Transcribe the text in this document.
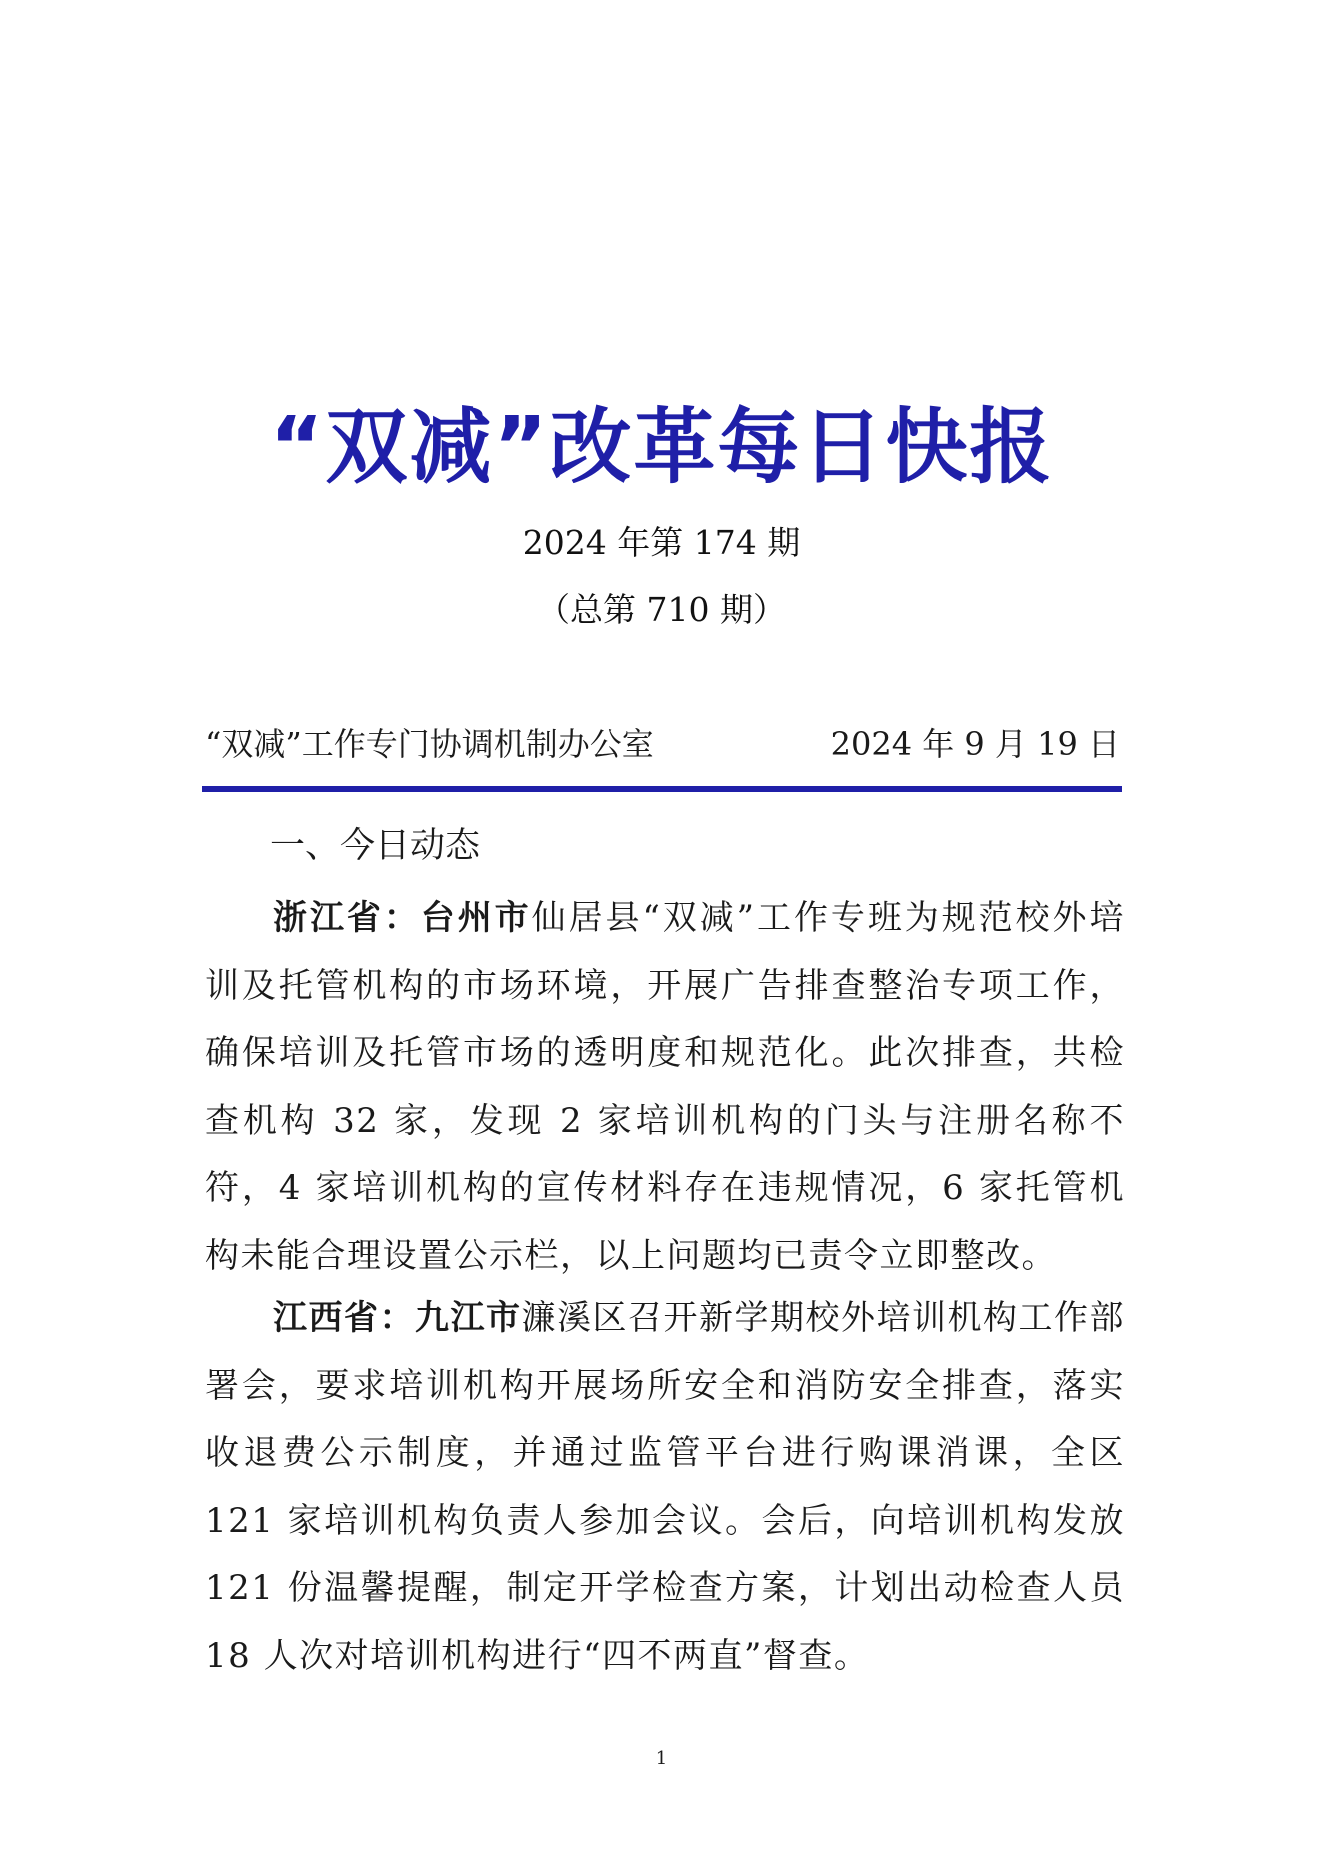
“双减”改革每日快报
2024 年第 174 期
（总第 710 期）
“双减”工作专门协调机制办公室	2024 年 9 月 19 日
一、今日动态

浙江省：台州市仙居县“双减”工作专班为规范校外培训及托管机构的市场环境，开展广告排查整治专项工作，确保培训及托管市场的透明度和规范化。此次排查，共检查机构 32 家，发现 2 家培训机构的门头与注册名称不符，4 家培训机构的宣传材料存在违规情况，6 家托管机构未能合理设置公示栏，以上问题均已责令立即整改。

江西省：九江市濂溪区召开新学期校外培训机构工作部署会，要求培训机构开展场所安全和消防安全排查，落实收退费公示制度，并通过监管平台进行购课消课，全区 121 家培训机构负责人参加会议。会后，向培训机构发放 121 份温馨提醒，制定开学检查方案，计划出动检查人员 18 人次对培训机构进行“四不两直”督查。

1
